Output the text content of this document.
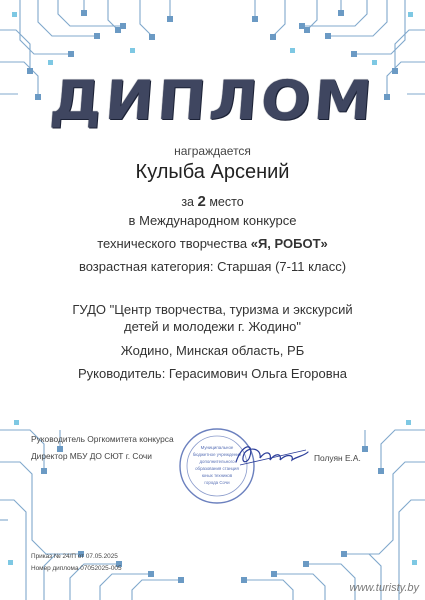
ДИПЛОМ
награждается
Кулыба Арсений
за 2 место
в Международном конкурсе
технического творчества «Я, РОБОТ»
возрастная категория: Старшая (7-11 класс)
ГУДО "Центр творчества, туризма и экскурсий
детей и молодежи г. Жодино"
Жодино, Минская область, РБ
Руководитель: Герасимович Ольга Егоровна
Руководитель Оргкомитета конкурса
Директор МБУ ДО СЮТ г. Сочи
Муниципальное
бюджетное учреждение
дополнительного
образования станция
юных техников
города Сочи
Полуян Е.А.
Приказ № 24/П от 07.05.2025
Номер диплома 07052025-005
www.turisty.by
